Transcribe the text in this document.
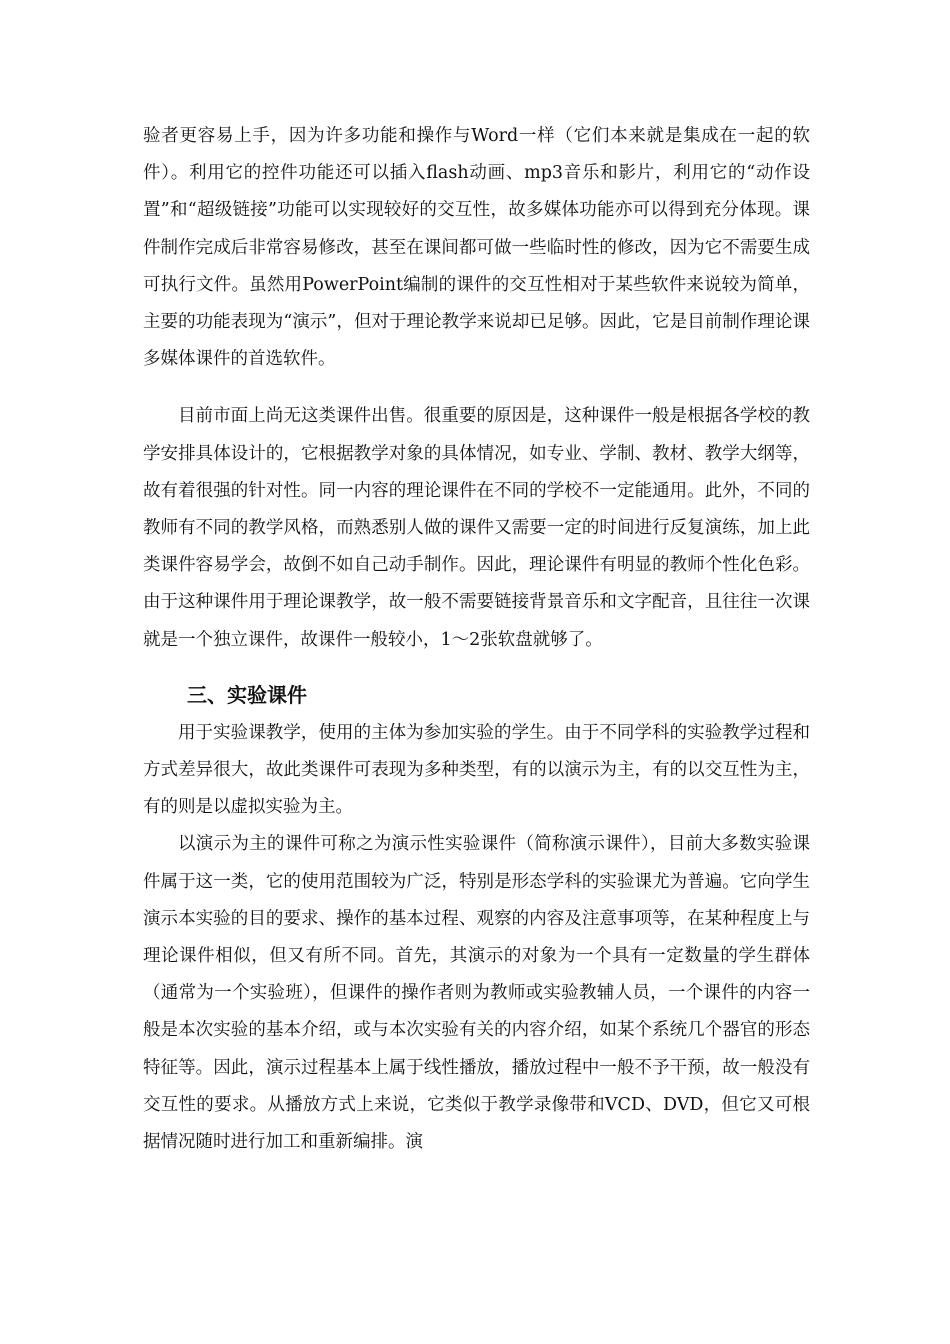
验者更容易上手，因为许多功能和操作与Word一样（它们本来就是集成在一起的软件）。利用它的控件功能还可以插入flash动画、mp3音乐和影片，利用它的“动作设置”和“超级链接”功能可以实现较好的交互性，故多媒体功能亦可以得到充分体现。课件制作完成后非常容易修改，甚至在课间都可做一些临时性的修改，因为它不需要生成可执行文件。虽然用PowerPoint编制的课件的交互性相对于某些软件来说较为简单，主要的功能表现为“演示”，但对于理论教学来说却已足够。因此，它是目前制作理论课多媒体课件的首选软件。

目前市面上尚无这类课件出售。很重要的原因是，这种课件一般是根据各学校的教学安排具体设计的，它根据教学对象的具体情况，如专业、学制、教材、教学大纲等，故有着很强的针对性。同一内容的理论课件在不同的学校不一定能通用。此外，不同的教师有不同的教学风格，而熟悉别人做的课件又需要一定的时间进行反复演练，加上此类课件容易学会，故倒不如自己动手制作。因此，理论课件有明显的教师个性化色彩。由于这种课件用于理论课教学，故一般不需要链接背景音乐和文字配音，且往往一次课就是一个独立课件，故课件一般较小，1～2张软盘就够了。

三、实验课件

用于实验课教学，使用的主体为参加实验的学生。由于不同学科的实验教学过程和方式差异很大，故此类课件可表现为多种类型，有的以演示为主，有的以交互性为主，有的则是以虚拟实验为主。

以演示为主的课件可称之为演示性实验课件（简称演示课件），目前大多数实验课件属于这一类，它的使用范围较为广泛，特别是形态学科的实验课尤为普遍。它向学生演示本实验的目的要求、操作的基本过程、观察的内容及注意事项等，在某种程度上与理论课件相似，但又有所不同。首先，其演示的对象为一个具有一定数量的学生群体（通常为一个实验班），但课件的操作者则为教师或实验教辅人员，一个课件的内容一般是本次实验的基本介绍，或与本次实验有关的内容介绍，如某个系统几个器官的形态特征等。因此，演示过程基本上属于线性播放，播放过程中一般不予干预，故一般没有交互性的要求。从播放方式上来说，它类似于教学录像带和VCD、DVD，但它又可根据情况随时进行加工和重新编排。演
